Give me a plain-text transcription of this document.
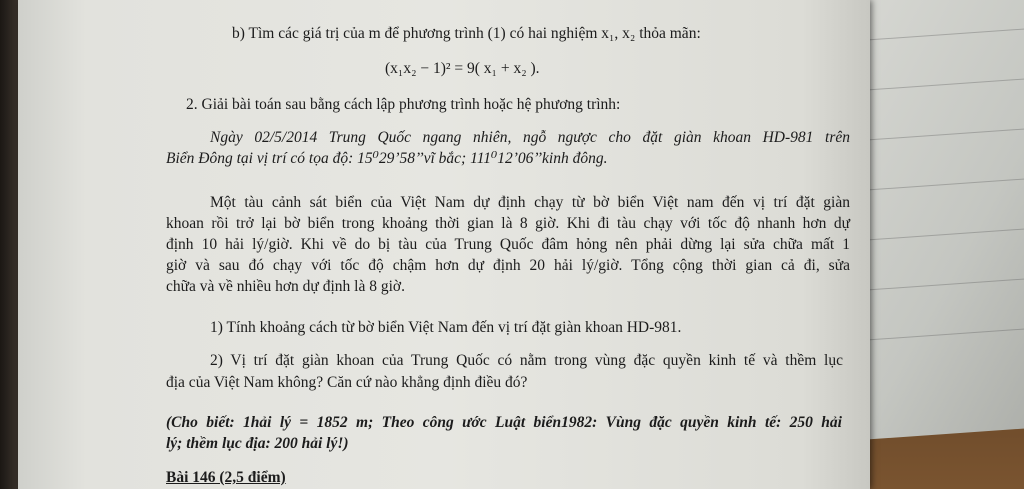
b) Tìm các giá trị của m để phương trình (1) có hai nghiệm x₁, x₂ thỏa mãn:
(x₁x₂ − 1)² = 9( x₁ + x₂ ).
2. Giải bài toán sau bằng cách lập phương trình hoặc hệ phương trình:
Ngày 02/5/2014 Trung Quốc ngang nhiên, ngỗ ngược cho đặt giàn khoan HD-981 trên
Biển Đông tại vị trí có tọa độ: 15⁰29’58’’vĩ bắc; 111⁰12’06’’kinh đông.
Một tàu cảnh sát biển của Việt Nam dự định chạy từ bờ biển Việt nam đến vị trí đặt giàn
khoan rồi trở lại bờ biển trong khoảng thời gian là 8 giờ. Khi đi tàu chạy với tốc độ nhanh hơn dự
định 10 hải lý/giờ. Khi về do bị tàu của Trung Quốc đâm hỏng nên phải dừng lại sửa chữa mất 1
giờ và sau đó chạy với tốc độ chậm hơn dự định 20 hải lý/giờ. Tổng cộng thời gian cả đi, sửa
chữa và về nhiều hơn dự định là 8 giờ.
1) Tính khoảng cách từ bờ biển Việt Nam đến vị trí đặt giàn khoan HD-981.
2) Vị trí đặt giàn khoan của Trung Quốc có nằm trong vùng đặc quyền kinh tế và thềm lục
địa của Việt Nam không? Căn cứ nào khẳng định điều đó?
(Cho biết: 1hải lý = 1852 m; Theo công ước Luật biển1982: Vùng đặc quyền kinh tế: 250 hải
lý; thềm lục địa: 200 hải lý!)
Bài 146 (2,5 điểm)
